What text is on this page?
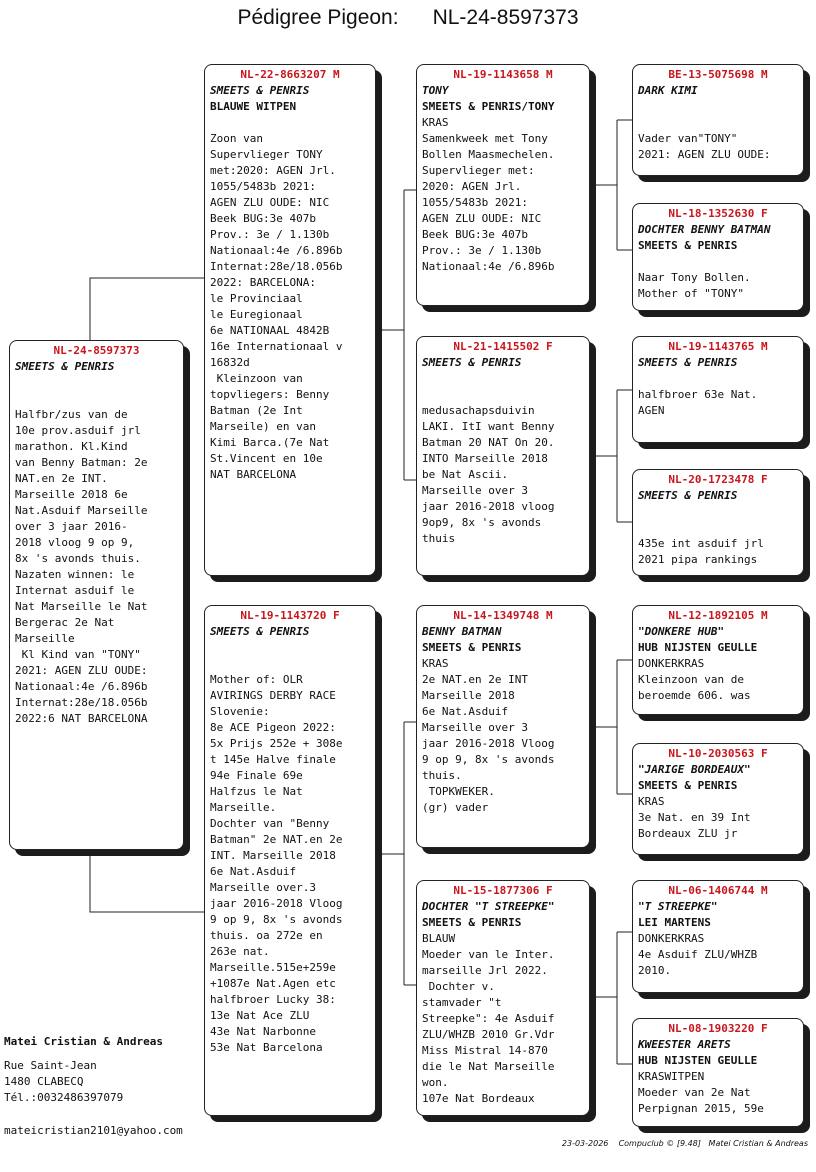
Pédigree Pigeon: NL-24-8597373
NL-24-8597373
SMEETS & PENRIS
Halfbr/zus van de
10e prov.asduif jrl
marathon. Kl.Kind
van Benny Batman: 2e
NAT.en 2e INT.
Marseille 2018 6e
Nat.Asduif Marseille
over 3 jaar 2016-
2018 vloog 9 op 9,
8x 's avonds thuis.
Nazaten winnen: le
Internat asduif le
Nat Marseille le Nat
Bergerac 2e Nat
Marseille
Kl Kind van "TONY"
2021: AGEN ZLU OUDE:
Nationaal:4e /6.896b
Internat:28e/18.056b
2022:6 NAT BARCELONA
NL-22-8663207 M
SMEETS & PENRIS
BLAUWE WITPEN
Zoon van
Supervlieger TONY
met:2020: AGEN Jrl.
1055/5483b 2021:
AGEN ZLU OUDE: NIC
Beek BUG:3e 407b
Prov.: 3e / 1.130b
Nationaal:4e /6.896b
Internat:28e/18.056b
2022: BARCELONA:
le Provinciaal
le Euregionaal
6e NATIONAAL 4842B
16e Internationaal v
16832d
Kleinzoon van
topvliegers: Benny
Batman (2e Int
Marseile) en van
Kimi Barca.(7e Nat
St.Vincent en 10e
NAT BARCELONA
NL-19-1143720 F
SMEETS & PENRIS
Mother of: OLR
AVIRINGS DERBY RACE
Slovenie:
8e ACE Pigeon 2022:
5x Prijs 252e + 308e
t 145e Halve finale
94e Finale 69e
Halfzus le Nat
Marseille.
Dochter van "Benny
Batman" 2e NAT.en 2e
INT. Marseille 2018
6e Nat.Asduif
Marseille over.3
jaar 2016-2018 Vloog
9 op 9, 8x 's avonds
thuis. oa 272e en
263e nat.
Marseille.515e+259e
+1087e Nat.Agen etc
halfbroer Lucky 38:
13e Nat Ace ZLU
43e Nat Narbonne
53e Nat Barcelona
NL-19-1143658 M
TONY
SMEETS & PENRIS/TONY
KRAS
Samenkweek met Tony
Bollen Maasmechelen.
Supervlieger met:
2020: AGEN Jrl.
1055/5483b 2021:
AGEN ZLU OUDE: NIC
Beek BUG:3e 407b
Prov.: 3e / 1.130b
Nationaal:4e /6.896b
NL-21-1415502 F
SMEETS & PENRIS
medusachapsduivin
LAKI. ItI want Benny
Batman 20 NAT On 20.
INTO Marseille 2018
be Nat Ascii.
Marseille over 3
jaar 2016-2018 vloog
9op9, 8x 's avonds
thuis
NL-14-1349748 M
BENNY BATMAN
SMEETS & PENRIS
KRAS
2e NAT.en 2e INT
Marseille 2018
6e Nat.Asduif
Marseille over 3
jaar 2016-2018 Vloog
9 op 9, 8x 's avonds
thuis.
TOPKWEKER.
(gr) vader
NL-15-1877306 F
DOCHTER "T STREEPKE"
SMEETS & PENRIS
BLAUW
Moeder van le Inter.
marseille Jrl 2022.
Dochter v.
stamvader "t
Streepke": 4e Asduif
ZLU/WHZB 2010 Gr.Vdr
Miss Mistral 14-870
die le Nat Marseille
won.
107e Nat Bordeaux
BE-13-5075698 M
DARK KIMI
Vader van"TONY"
2021: AGEN ZLU OUDE:
NL-18-1352630 F
DOCHTER BENNY BATMAN
SMEETS & PENRIS
Naar Tony Bollen.
Mother of "TONY"
NL-19-1143765 M
SMEETS & PENRIS
halfbroer 63e Nat.
AGEN
NL-20-1723478 F
SMEETS & PENRIS
435e int asduif jrl
2021 pipa rankings
NL-12-1892105 M
"DONKERE HUB"
HUB NIJSTEN GEULLE
DONKERKRAS
Kleinzoon van de
beroemde 606. was
NL-10-2030563 F
"JARIGE BORDEAUX"
SMEETS & PENRIS
KRAS
3e Nat. en 39 Int
Bordeaux ZLU jr
NL-06-1406744 M
"T STREEPKE"
LEI MARTENS
DONKERKRAS
4e Asduif ZLU/WHZB
2010.
NL-08-1903220 F
KWEESTER ARETS
HUB NIJSTEN GEULLE
KRASWITPEN
Moeder van 2e Nat
Perpignan 2015, 59e
Matei Cristian & Andreas
Rue Saint-Jean
1480 CLABECQ
Tél.:0032486397079
mateicristian2101@yahoo.com
23-03-2026 Compuclub © [9.48] Matei Cristian & Andreas
